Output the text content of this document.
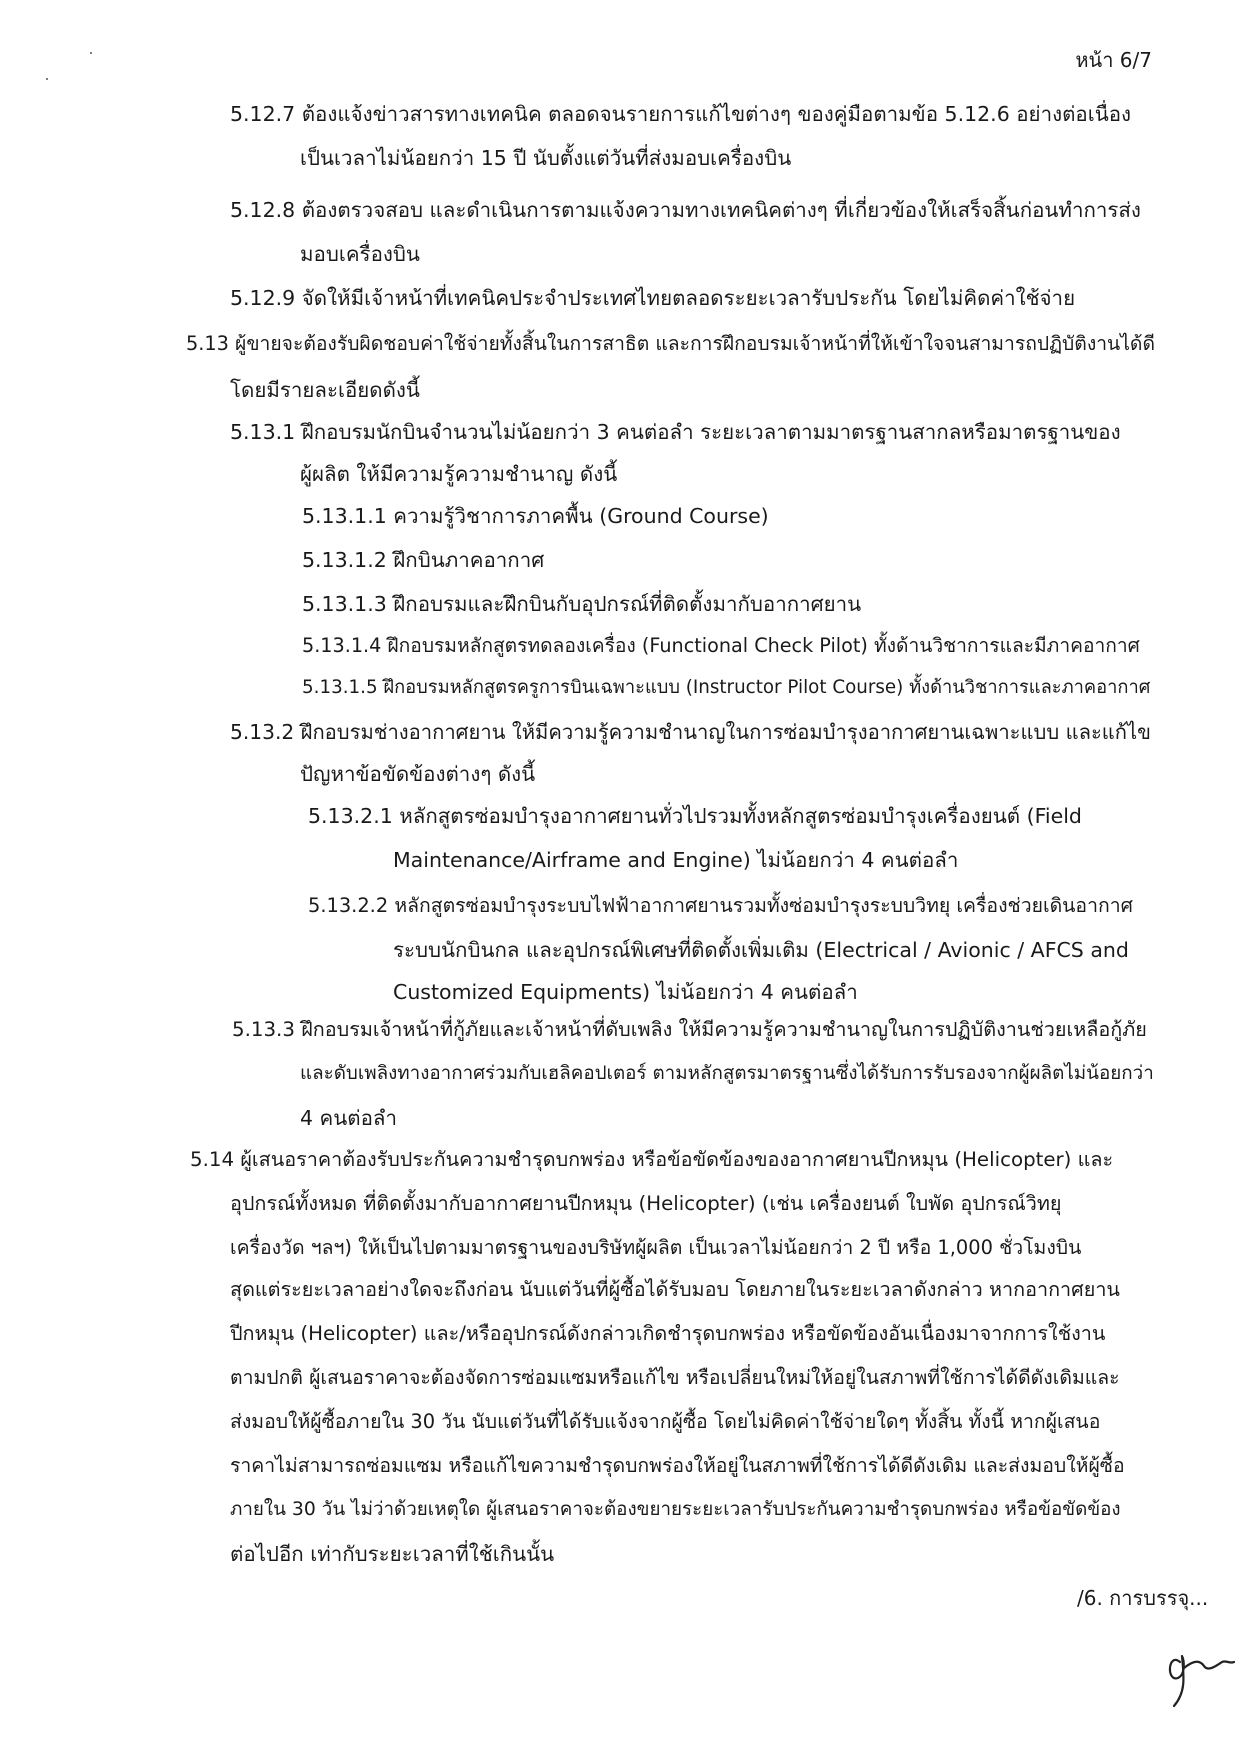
หน้า 6/7
5.12.7 ต้องแจ้งข่าวสารทางเทคนิค ตลอดจนรายการแก้ไขต่างๆ ของคู่มือตามข้อ 5.12.6 อย่างต่อเนื่อง
เป็นเวลาไม่น้อยกว่า 15 ปี นับตั้งแต่วันที่ส่งมอบเครื่องบิน
5.12.8 ต้องตรวจสอบ และดำเนินการตามแจ้งความทางเทคนิคต่างๆ ที่เกี่ยวข้องให้เสร็จสิ้นก่อนทำการส่ง
มอบเครื่องบิน
5.12.9 จัดให้มีเจ้าหน้าที่เทคนิคประจำประเทศไทยตลอดระยะเวลารับประกัน โดยไม่คิดค่าใช้จ่าย
5.13 ผู้ขายจะต้องรับผิดชอบค่าใช้จ่ายทั้งสิ้นในการสาธิต และการฝึกอบรมเจ้าหน้าที่ให้เข้าใจจนสามารถปฏิบัติงานได้ดี
โดยมีรายละเอียดดังนี้
5.13.1 ฝึกอบรมนักบินจำนวนไม่น้อยกว่า 3 คนต่อลำ ระยะเวลาตามมาตรฐานสากลหรือมาตรฐานของ
ผู้ผลิต ให้มีความรู้ความชำนาญ ดังนี้
5.13.1.1 ความรู้วิชาการภาคพื้น (Ground Course)
5.13.1.2 ฝึกบินภาคอากาศ
5.13.1.3 ฝึกอบรมและฝึกบินกับอุปกรณ์ที่ติดตั้งมากับอากาศยาน
5.13.1.4 ฝึกอบรมหลักสูตรทดลองเครื่อง (Functional Check Pilot) ทั้งด้านวิชาการและมีภาคอากาศ
5.13.1.5 ฝึกอบรมหลักสูตรครูการบินเฉพาะแบบ (Instructor Pilot Course) ทั้งด้านวิชาการและภาคอากาศ
5.13.2 ฝึกอบรมช่างอากาศยาน ให้มีความรู้ความชำนาญในการซ่อมบำรุงอากาศยานเฉพาะแบบ และแก้ไข
ปัญหาข้อขัดข้องต่างๆ ดังนี้
5.13.2.1 หลักสูตรซ่อมบำรุงอากาศยานทั่วไปรวมทั้งหลักสูตรซ่อมบำรุงเครื่องยนต์ (Field
Maintenance/Airframe and Engine) ไม่น้อยกว่า 4 คนต่อลำ
5.13.2.2 หลักสูตรซ่อมบำรุงระบบไฟฟ้าอากาศยานรวมทั้งซ่อมบำรุงระบบวิทยุ เครื่องช่วยเดินอากาศ
ระบบนักบินกล และอุปกรณ์พิเศษที่ติดตั้งเพิ่มเติม (Electrical / Avionic / AFCS and
Customized Equipments) ไม่น้อยกว่า 4 คนต่อลำ
5.13.3 ฝึกอบรมเจ้าหน้าที่กู้ภัยและเจ้าหน้าที่ดับเพลิง ให้มีความรู้ความชำนาญในการปฏิบัติงานช่วยเหลือกู้ภัย
และดับเพลิงทางอากาศร่วมกับเฮลิคอปเตอร์ ตามหลักสูตรมาตรฐานซึ่งได้รับการรับรองจากผู้ผลิตไม่น้อยกว่า
4 คนต่อลำ
5.14 ผู้เสนอราคาต้องรับประกันความชำรุดบกพร่อง หรือข้อขัดข้องของอากาศยานปีกหมุน (Helicopter) และ
อุปกรณ์ทั้งหมด ที่ติดตั้งมากับอากาศยานปีกหมุน (Helicopter) (เช่น เครื่องยนต์ ใบพัด อุปกรณ์วิทยุ
เครื่องวัด ฯลฯ) ให้เป็นไปตามมาตรฐานของบริษัทผู้ผลิต เป็นเวลาไม่น้อยกว่า 2 ปี หรือ 1,000 ชั่วโมงบิน
สุดแต่ระยะเวลาอย่างใดจะถึงก่อน นับแต่วันที่ผู้ซื้อได้รับมอบ โดยภายในระยะเวลาดังกล่าว หากอากาศยาน
ปีกหมุน (Helicopter) และ/หรืออุปกรณ์ดังกล่าวเกิดชำรุดบกพร่อง หรือขัดข้องอันเนื่องมาจากการใช้งาน
ตามปกติ ผู้เสนอราคาจะต้องจัดการซ่อมแซมหรือแก้ไข หรือเปลี่ยนใหม่ให้อยู่ในสภาพที่ใช้การได้ดีดังเดิมและ
ส่งมอบให้ผู้ซื้อภายใน 30 วัน นับแต่วันที่ได้รับแจ้งจากผู้ซื้อ โดยไม่คิดค่าใช้จ่ายใดๆ ทั้งสิ้น ทั้งนี้ หากผู้เสนอ
ราคาไม่สามารถซ่อมแซม หรือแก้ไขความชำรุดบกพร่องให้อยู่ในสภาพที่ใช้การได้ดีดังเดิม และส่งมอบให้ผู้ซื้อ
ภายใน 30 วัน ไม่ว่าด้วยเหตุใด ผู้เสนอราคาจะต้องขยายระยะเวลารับประกันความชำรุดบกพร่อง หรือข้อขัดข้อง
ต่อไปอีก เท่ากับระยะเวลาที่ใช้เกินนั้น
/6. การบรรจุ...
